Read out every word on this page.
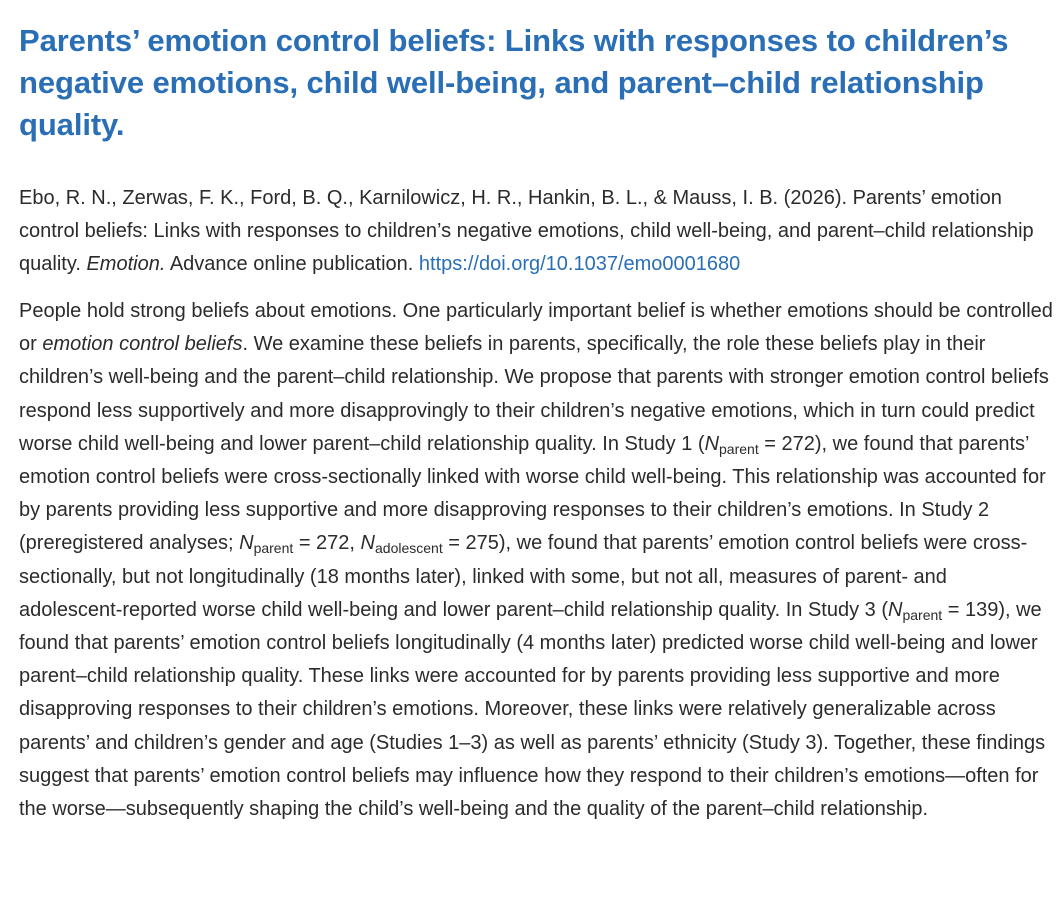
Parents’ emotion control beliefs: Links with responses to children’s negative emotions, child well-being, and parent–child relationship quality.

Ebo, R. N., Zerwas, F. K., Ford, B. Q., Karnilowicz, H. R., Hankin, B. L., & Mauss, I. B. (2026). Parents’ emotion control beliefs: Links with responses to children’s negative emotions, child well-being, and parent–child relationship quality. Emotion. Advance online publication. https://doi.org/10.1037/emo0001680

People hold strong beliefs about emotions. One particularly important belief is whether emotions should be controlled or emotion control beliefs. We examine these beliefs in parents, specifically, the role these beliefs play in their children’s well-being and the parent–child relationship. We propose that parents with stronger emotion control beliefs respond less supportively and more disapprovingly to their children’s negative emotions, which in turn could predict worse child well-being and lower parent–child relationship quality. In Study 1 $(N_{parent} = 272)$, we found that parents’ emotion control beliefs were cross-sectionally linked with worse child well-being. This relationship was accounted for by parents providing less supportive and more disapproving responses to their children’s emotions. In Study 2 (preregistered analyses; $N_{parent} = 272$, $N_{adolescent} = 275$), we found that parents’ emotion control beliefs were cross-sectionally, but not longitudinally (18 months later), linked with some, but not all, measures of parent- and adolescent-reported worse child well-being and lower parent–child relationship quality. In Study 3 $(N_{parent} = 139)$, we found that parents’ emotion control beliefs longitudinally (4 months later) predicted worse child well-being and lower parent–child relationship quality. These links were accounted for by parents providing less supportive and more disapproving responses to their children’s emotions. Moreover, these links were relatively generalizable across parents’ and children’s gender and age (Studies 1–3) as well as parents’ ethnicity (Study 3). Together, these findings suggest that parents’ emotion control beliefs may influence how they respond to their children’s emotions—often for the worse—subsequently shaping the child’s well-being and the quality of the parent–child relationship.
